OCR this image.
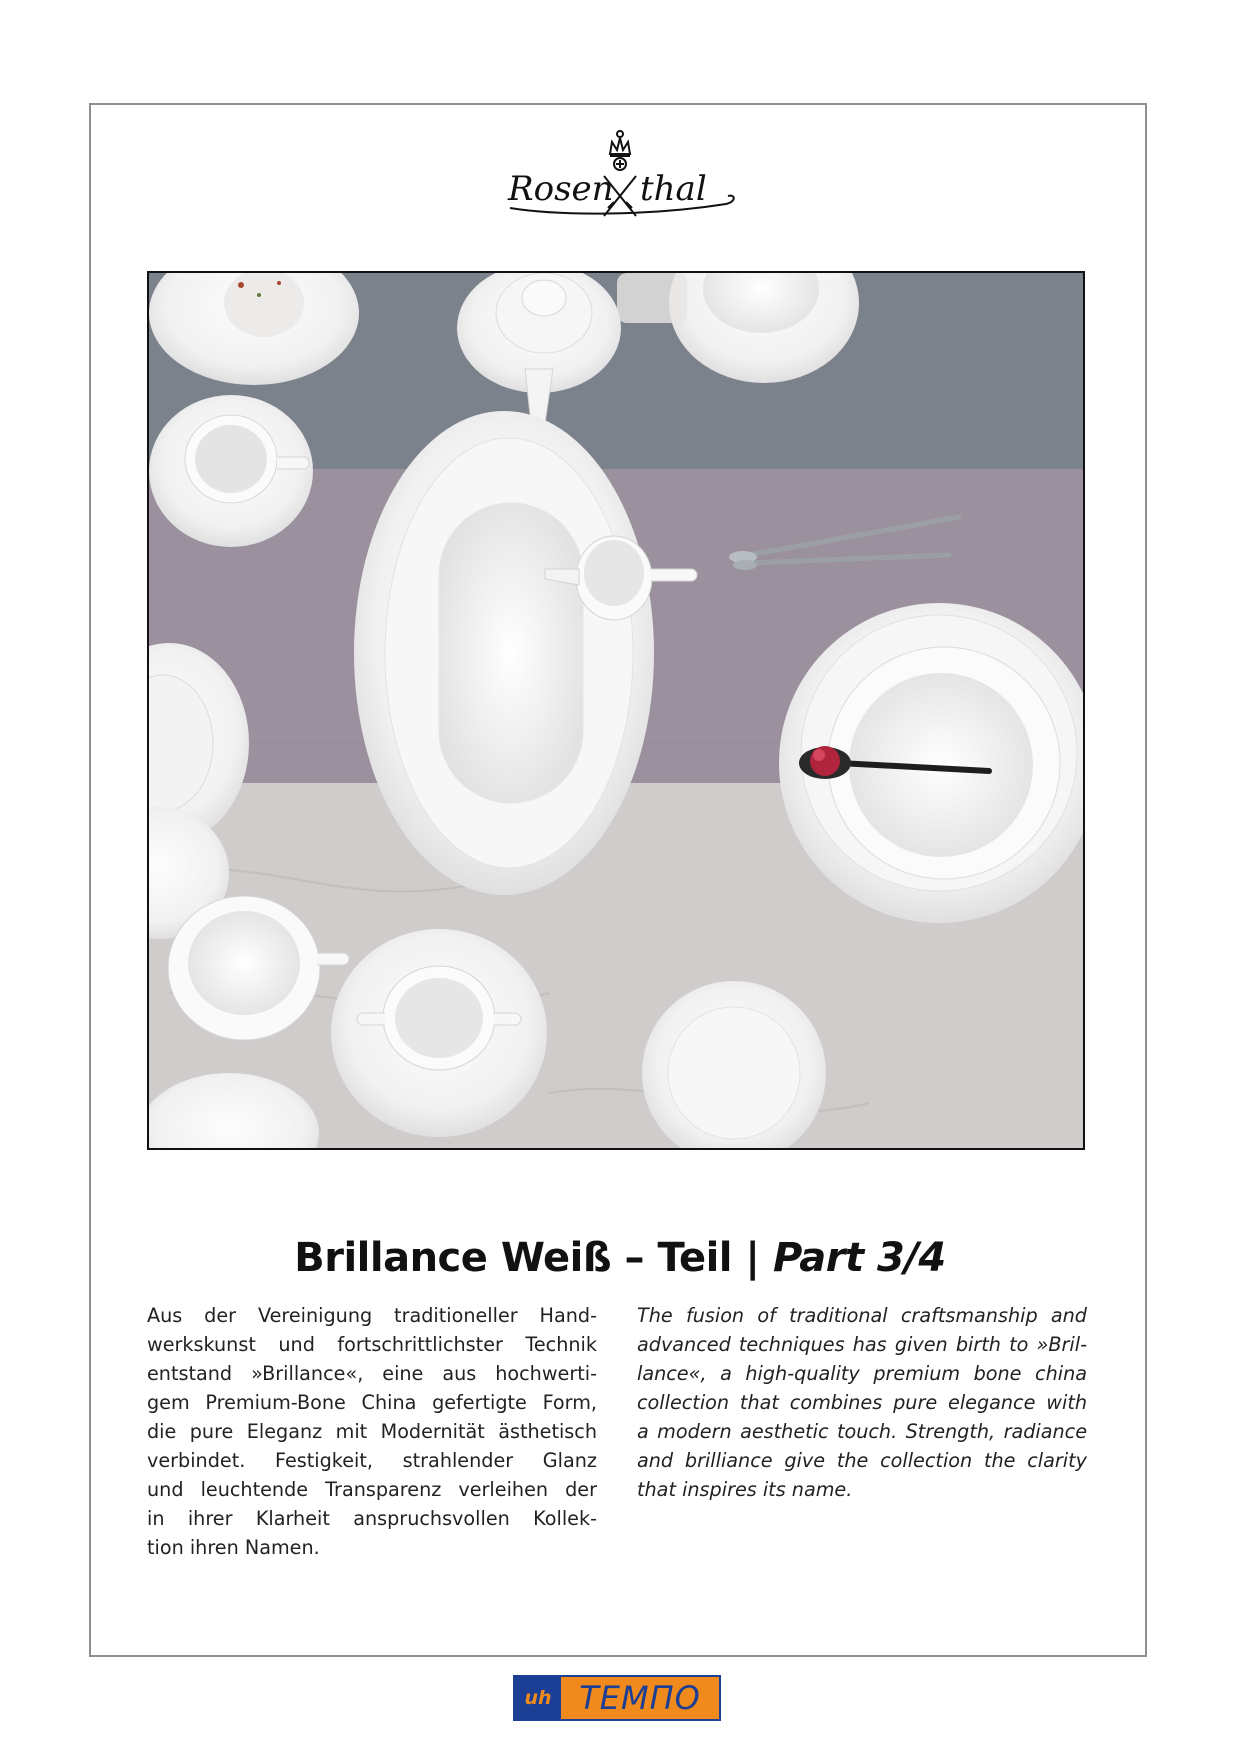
Rosen thal
Brillance Weiß – Teil | Part 3/4
Aus der Vereinigung traditioneller Hand-
werkskunst und fortschrittlichster Technik
entstand »Brillance«, eine aus hochwerti-
gem Premium-Bone China gefertigte Form,
die pure Eleganz mit Modernität ästhetisch
verbindet. Festigkeit, strahlender Glanz
und leuchtende Transparenz verleihen der
in ihrer Klarheit anspruchsvollen Kollek-
tion ihren Namen.
The fusion of traditional craftsmanship and
advanced techniques has given birth to »Bril-
lance«, a high-quality premium bone china
collection that combines pure elegance with
a modern aesthetic touch. Strength, radiance
and brilliance give the collection the clarity
that inspires its name.
uh ТЕМПО
